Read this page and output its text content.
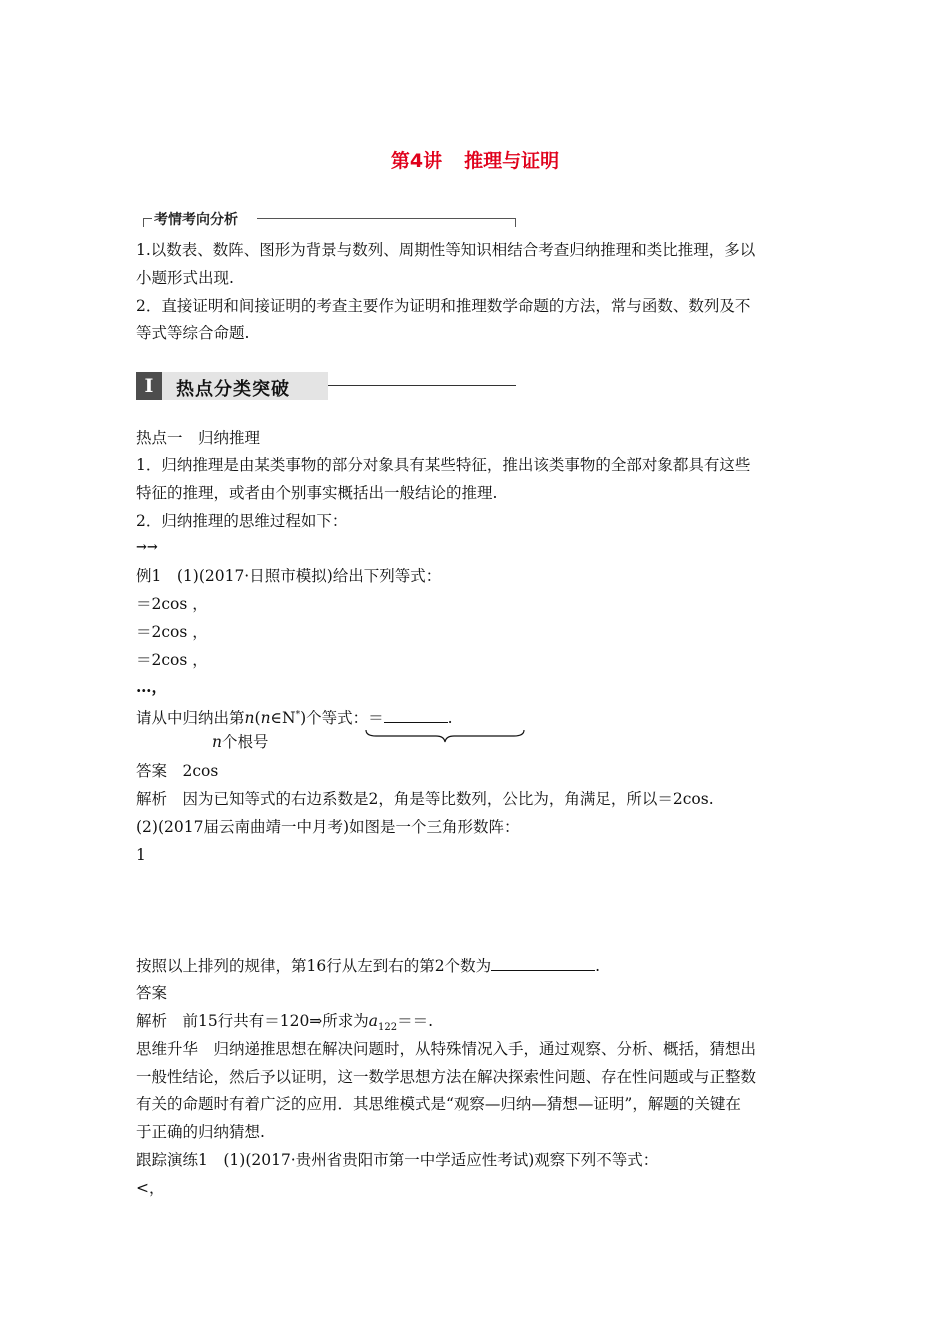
第4讲 推理与证明
考情考向分析
1.以数表、数阵、图形为背景与数列、周期性等知识相结合考查归纳推理和类比推理，多以
小题形式出现.
2．直接证明和间接证明的考查主要作为证明和推理数学命题的方法，常与函数、数列及不
等式等综合命题.
I	热点分类突破
热点一　归纳推理
1．归纳推理是由某类事物的部分对象具有某些特征，推出该类事物的全部对象都具有这些
特征的推理，或者由个别事实概括出一般结论的推理.
2．归纳推理的思维过程如下：
→→
例1　(1)(2017·日照市模拟)给出下列等式：
＝2cos ，
＝2cos ，
＝2cos ，
…，
请从中归纳出第n(n∈N*)个等式：＝	.
n个根号
答案　2cos
解析　因为已知等式的右边系数是2，角是等比数列，公比为，角满足，所以＝2cos.
(2)(2017届云南曲靖一中月考)如图是一个三角形数阵：
1
按照以上排列的规律，第16行从左到右的第2个数为	.
答案
解析　前15行共有＝120⇒所求为$a_{122}==$.
思维升华　归纳递推思想在解决问题时，从特殊情况入手，通过观察、分析、概括，猜想出
一般性结论，然后予以证明，这一数学思想方法在解决探索性问题、存在性问题或与正整数
有关的命题时有着广泛的应用．其思维模式是“观察—归纳—猜想—证明”，解题的关键在
于正确的归纳猜想.
跟踪演练1　(1)(2017·贵州省贵阳市第一中学适应性考试)观察下列不等式：
<，
